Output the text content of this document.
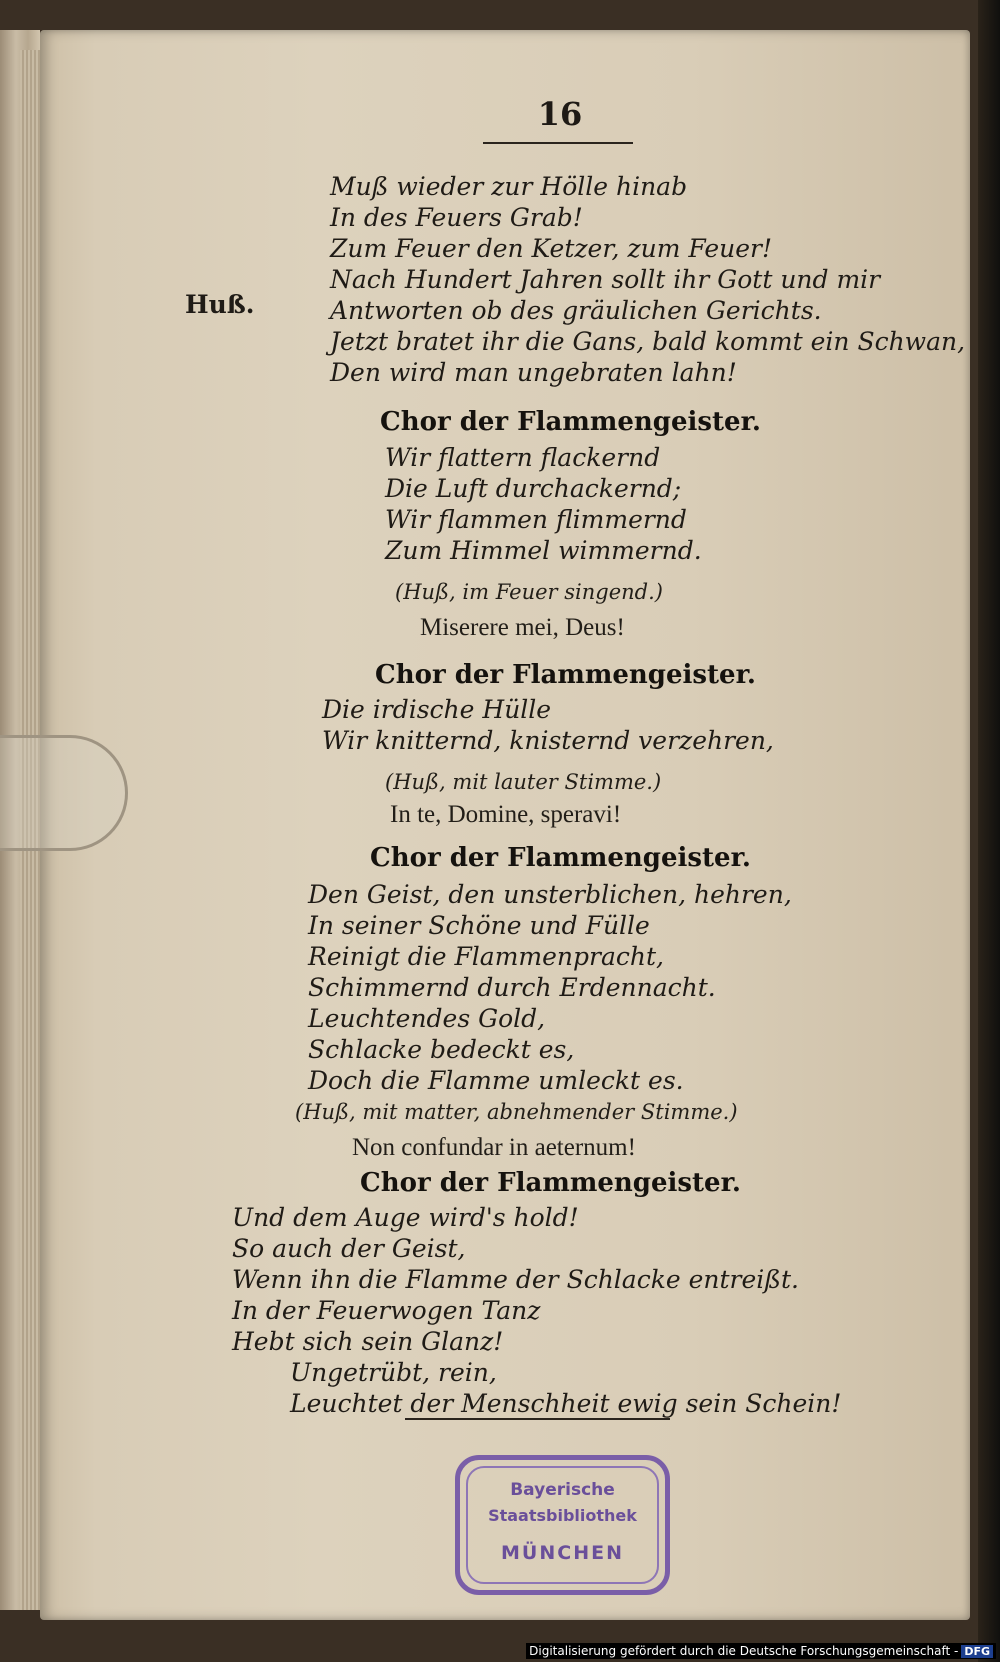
16
Huß.
Muß wieder zur Hölle hinab
In des Feuers Grab!
Zum Feuer den Ketzer, zum Feuer!
Nach Hundert Jahren sollt ihr Gott und mir
Antworten ob des gräulichen Gerichts.
Jetzt bratet ihr die Gans, bald kommt ein Schwan,
Den wird man ungebraten lahn!
Chor der Flammengeister.
Wir flattern flackernd
Die Luft durchackernd;
Wir flammen flimmernd
Zum Himmel wimmernd.
(Huß, im Feuer singend.)
Miserere mei, Deus!
Chor der Flammengeister.
Die irdische Hülle
Wir knitternd, knisternd verzehren,
(Huß, mit lauter Stimme.)
In te, Domine, speravi!
Chor der Flammengeister.
Den Geist, den unsterblichen, hehren,
In seiner Schöne und Fülle
Reinigt die Flammenpracht,
Schimmernd durch Erdennacht.
Leuchtendes Gold,
Schlacke bedeckt es,
Doch die Flamme umleckt es.
(Huß, mit matter, abnehmender Stimme.)
Non confundar in aeternum!
Chor der Flammengeister.
Und dem Auge wird's hold!
So auch der Geist,
Wenn ihn die Flamme der Schlacke entreißt.
In der Feuerwogen Tanz
Hebt sich sein Glanz!
Ungetrübt, rein,
Leuchtet der Menschheit ewig sein Schein!
Bayerische
Staatsbibliothek
MÜNCHEN
Digitalisierung gefördert durch die Deutsche Forschungsgemeinschaft - DFG
